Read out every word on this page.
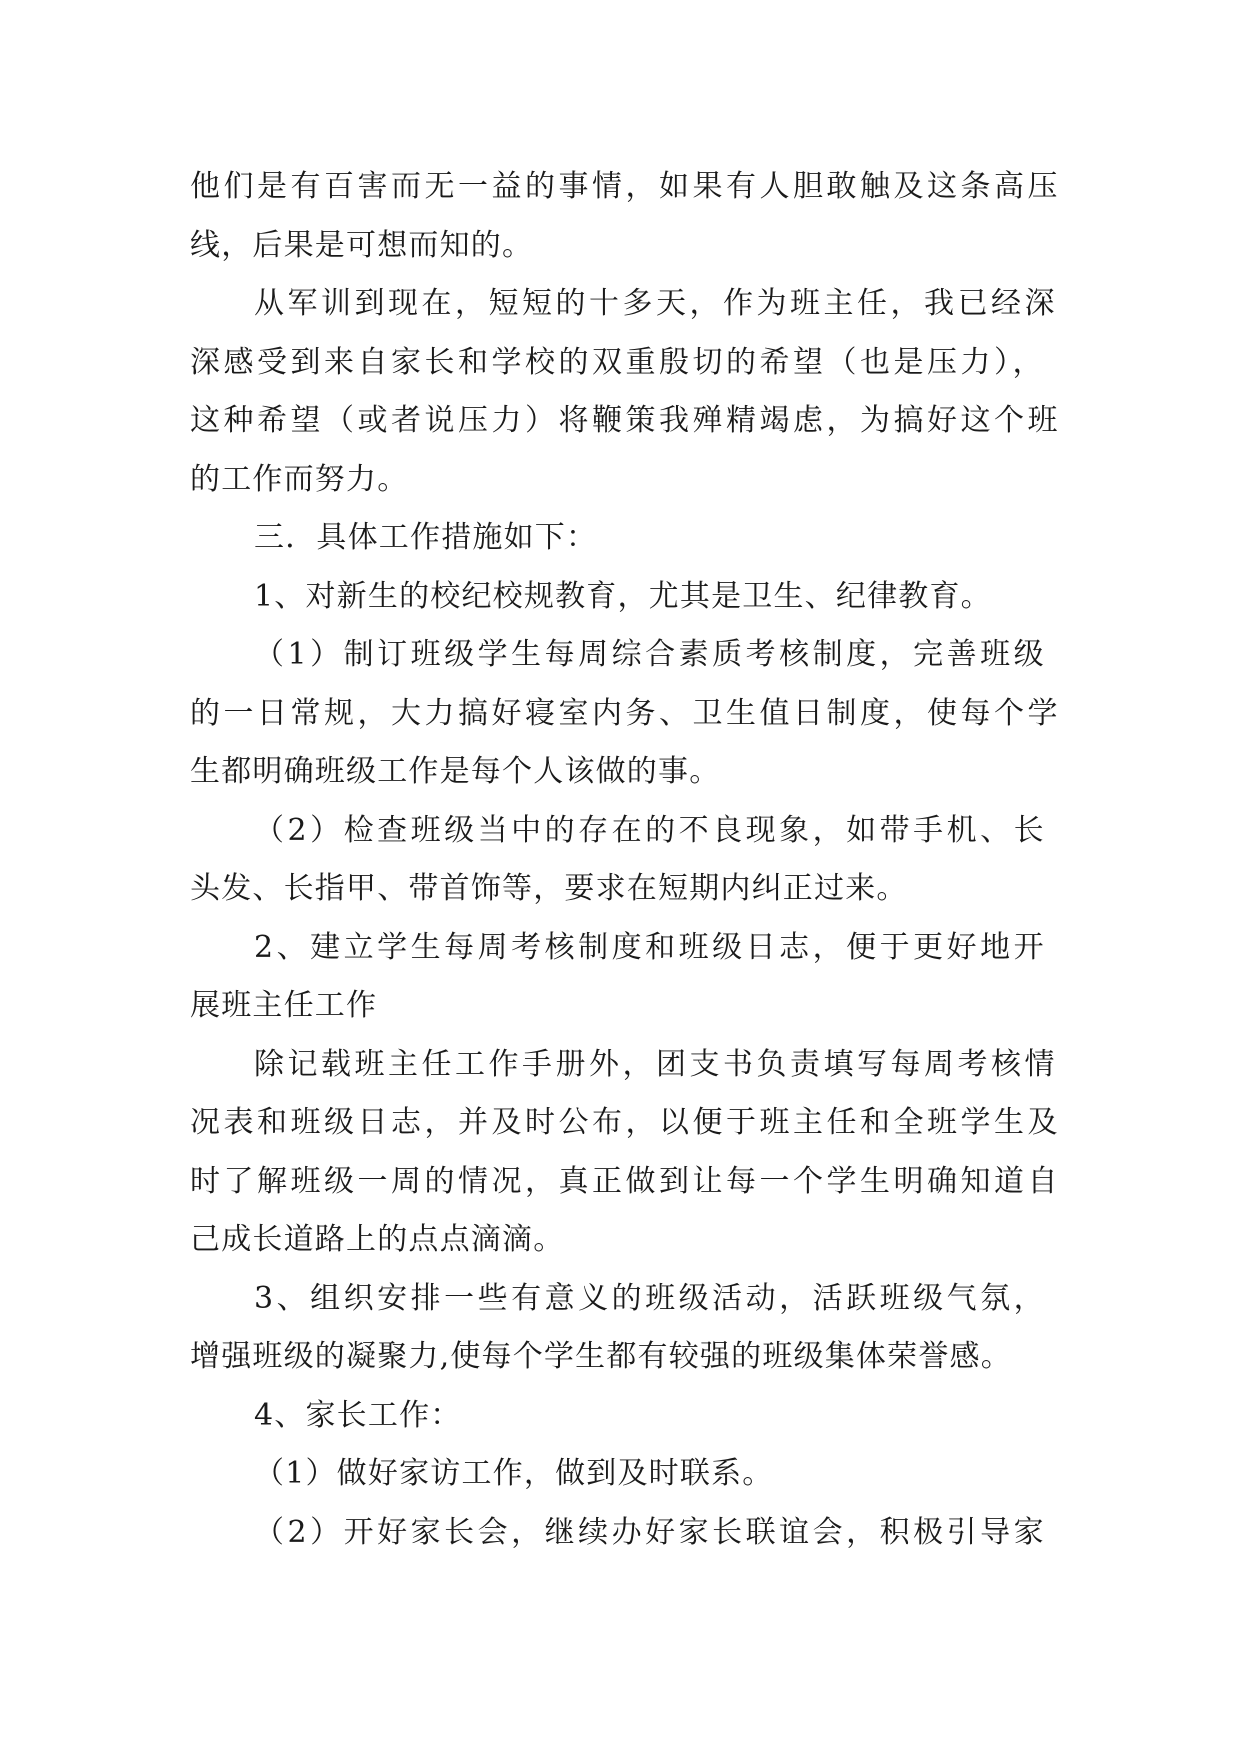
他们是有百害而无一益的事情，如果有人胆敢触及这条高压
线，后果是可想而知的。
从军训到现在，短短的十多天，作为班主任，我已经深
深感受到来自家长和学校的双重殷切的希望（也是压力），
这种希望（或者说压力）将鞭策我殚精竭虑，为搞好这个班
的工作而努力。
三．具体工作措施如下：
1、对新生的校纪校规教育，尤其是卫生、纪律教育。
（1）制订班级学生每周综合素质考核制度，完善班级
的一日常规，大力搞好寝室内务、卫生值日制度，使每个学
生都明确班级工作是每个人该做的事。
（2）检查班级当中的存在的不良现象，如带手机、长
头发、长指甲、带首饰等，要求在短期内纠正过来。
2、建立学生每周考核制度和班级日志，便于更好地开
展班主任工作
除记载班主任工作手册外，团支书负责填写每周考核情
况表和班级日志，并及时公布，以便于班主任和全班学生及
时了解班级一周的情况，真正做到让每一个学生明确知道自
己成长道路上的点点滴滴。
3、组织安排一些有意义的班级活动，活跃班级气氛，
增强班级的凝聚力,使每个学生都有较强的班级集体荣誉感。
4、家长工作：
（1）做好家访工作，做到及时联系。
（2）开好家长会，继续办好家长联谊会，积极引导家
